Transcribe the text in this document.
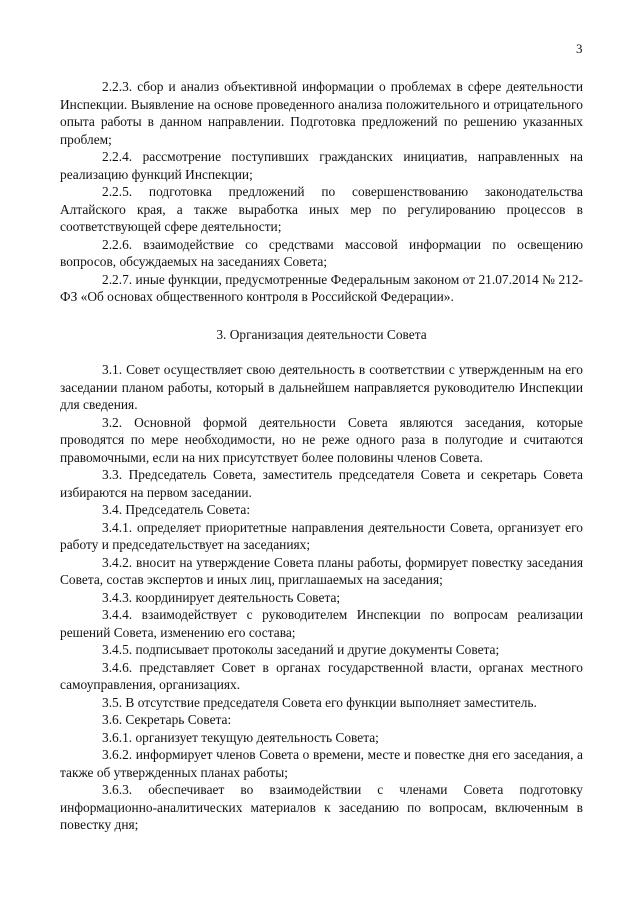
3

2.2.3. сбор и анализ объективной информации о проблемах в сфере деятельности Инспекции. Выявление на основе проведенного анализа положительного и отрицательного опыта работы в данном направлении. Подготовка предложений по решению указанных проблем;

2.2.4. рассмотрение поступивших гражданских инициатив, направленных на реализацию функций Инспекции;

2.2.5. подготовка предложений по совершенствованию законодательства Алтайского края, а также выработка иных мер по регулированию процессов в соответствующей сфере деятельности;

2.2.6. взаимодействие со средствами массовой информации по освещению вопросов, обсуждаемых на заседаниях Совета;

2.2.7. иные функции, предусмотренные Федеральным законом от 21.07.2014 № 212-ФЗ «Об основах общественного контроля в Российской Федерации».

3. Организация деятельности Совета

3.1. Совет осуществляет свою деятельность в соответствии с утвержденным на его заседании планом работы, который в дальнейшем направляется руководителю Инспекции для сведения.

3.2. Основной формой деятельности Совета являются заседания, которые проводятся по мере необходимости, но не реже одного раза в полугодие и считаются правомочными, если на них присутствует более половины членов Совета.

3.3. Председатель Совета, заместитель председателя Совета и секретарь Совета избираются на первом заседании.

3.4. Председатель Совета:

3.4.1. определяет приоритетные направления деятельности Совета, организует его работу и председательствует на заседаниях;

3.4.2. вносит на утверждение Совета планы работы, формирует повестку заседания Совета, состав экспертов и иных лиц, приглашаемых на заседания;

3.4.3. координирует деятельность Совета;

3.4.4. взаимодействует с руководителем Инспекции по вопросам реализации решений Совета, изменению его состава;

3.4.5. подписывает протоколы заседаний и другие документы Совета;

3.4.6. представляет Совет в органах государственной власти, органах местного самоуправления, организациях.

3.5. В отсутствие председателя Совета его функции выполняет заместитель.

3.6. Секретарь Совета:

3.6.1. организует текущую деятельность Совета;

3.6.2. информирует членов Совета о времени, месте и повестке дня его заседания, а также об утвержденных планах работы;

3.6.3. обеспечивает во взаимодействии с членами Совета подготовку информационно-аналитических материалов к заседанию по вопросам, включенным в повестку дня;
